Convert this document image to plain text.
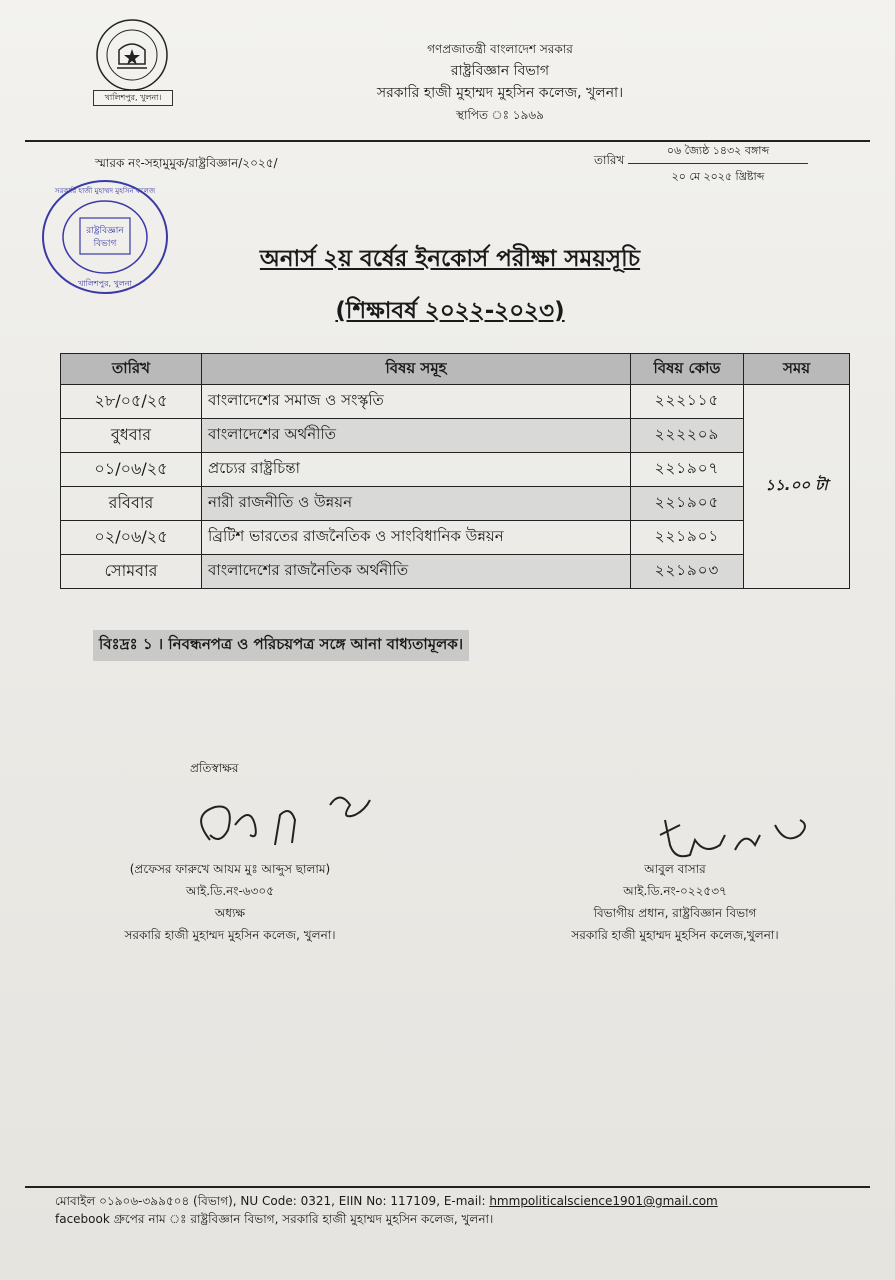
খালিশপুর, খুলনা।
গণপ্রজাতন্ত্রী বাংলাদেশ সরকার
রাষ্ট্রবিজ্ঞান বিভাগ
সরকারি হাজী মুহাম্মদ মুহসিন কলেজ, খুলনা।
স্থাপিত ঃ ১৯৬৯
স্মারক নং-সহামুমুক/রাষ্ট্রবিজ্ঞান/২০২৫/	তারিখ
০৬ জ্যৈষ্ঠ ১৪৩২ বঙ্গাব্দ
২০ মে ২০২৫ খ্রিষ্টাব্দ
রাষ্ট্রবিজ্ঞান
বিভাগ
সরকারি হাজী মুহাম্মদ মুহসিন কলেজ
খালিশপুর, খুলনা
অনার্স ২য় বর্ষের ইনকোর্স পরীক্ষা সময়সূচি
(শিক্ষাবর্ষ ২০২২-২০২৩)
তারিখ	বিষয় সমূহ	বিষয় কোড	সময়
২৮/০৫/২৫	বাংলাদেশের সমাজ ও সংস্কৃতি	২২২১১৫	১১.০০ টা
বুধবার	বাংলাদেশের অর্থনীতি	২২২২০৯	
০১/০৬/২৫	প্রচ্যের রাষ্ট্রচিন্তা	২২১৯০৭	
রবিবার	নারী রাজনীতি ও উন্নয়ন	২২১৯০৫	
০২/০৬/২৫	ব্রিটিশ ভারতের রাজনৈতিক ও সাংবিধানিক উন্নয়ন	২২১৯০১	
সোমবার	বাংলাদেশের রাজনৈতিক অর্থনীতি	২২১৯০৩	
বিঃদ্রঃ ১ । নিবন্ধনপত্র ও পরিচয়পত্র সঙ্গে আনা বাধ্যতামূলক।
প্রতিস্বাক্ষর
(প্রফেসর ফারুখে আযম মুঃ আব্দুস ছালাম)
আই.ডি.নং-৬৩০৫
অধ্যক্ষ
সরকারি হাজী মুহাম্মদ মুহসিন কলেজ, খুলনা।
আবুল বাসার
আই.ডি.নং-০২২৫৩৭
বিভাগীয় প্রধান, রাষ্ট্রবিজ্ঞান বিভাগ
সরকারি হাজী মুহাম্মদ মুহসিন কলেজ,খুলনা।
মোবাইল ০১৯০৬-৩৯৯৫০৪ (বিভাগ), NU Code: 0321, EIIN No: 117109, E-mail: hmmpoliticalscience1901@gmail.com
facebook গ্রুপের নাম ঃ রাষ্ট্রবিজ্ঞান বিভাগ, সরকারি হাজী মুহাম্মদ মুহসিন কলেজ, খুলনা।
